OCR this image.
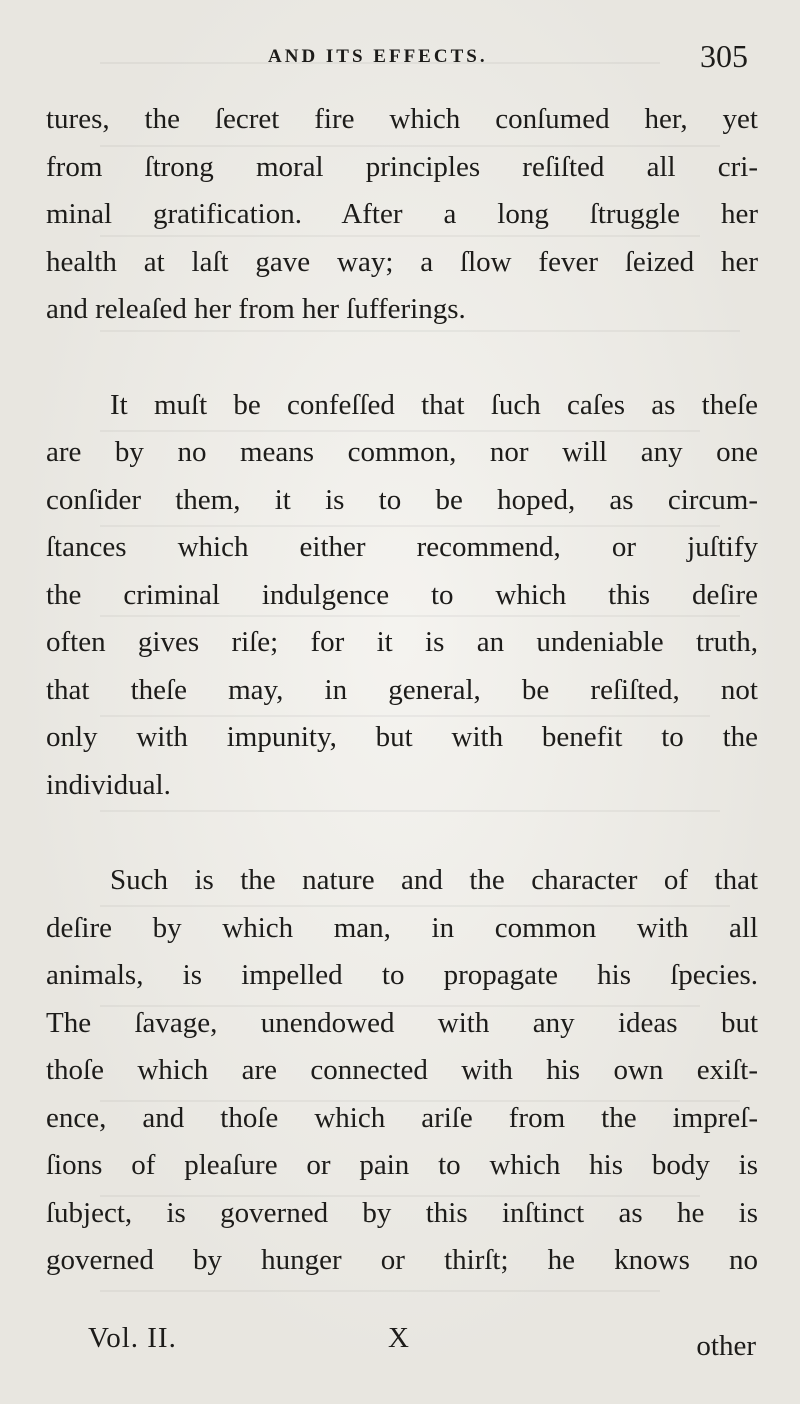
AND ITS EFFECTS.	305
tures, the ſecret fire which conſumed her, yet
from ſtrong moral principles reſiſted all cri-
minal gratification. After a long ſtruggle her
health at laſt gave way; a ſlow fever ſeized her
and releaſed her from her ſufferings.
It muſt be confeſſed that ſuch caſes as theſe
are by no means common, nor will any one
conſider them, it is to be hoped, as circum-
ſtances which either recommend, or juſtify
the criminal indulgence to which this deſire
often gives riſe; for it is an undeniable truth,
that theſe may, in general, be reſiſted, not
only with impunity, but with benefit to the
individual.
Such is the nature and the character of that
deſire by which man, in common with all
animals, is impelled to propagate his ſpecies.
The ſavage, unendowed with any ideas but
thoſe which are connected with his own exiſt-
ence, and thoſe which ariſe from the impreſ-
ſions of pleaſure or pain to which his body is
ſubject, is governed by this inſtinct as he is
governed by hunger or thirſt; he knows no
Vol. II.	X	other
